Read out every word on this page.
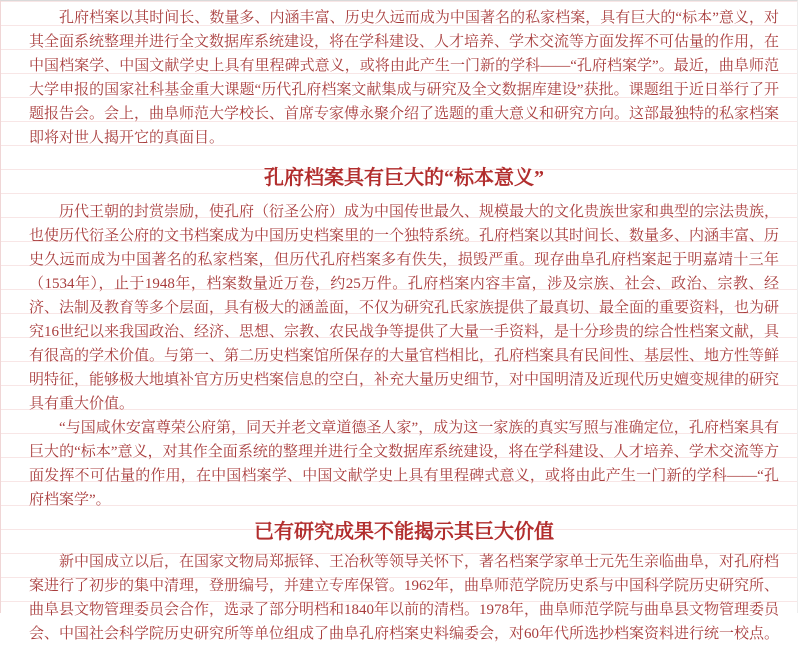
孔府档案以其时间长、数量多、内涵丰富、历史久远而成为中国著名的私家档案，具有巨大的“标本”意义，对其全面系统整理并进行全文数据库系统建设，将在学科建设、人才培养、学术交流等方面发挥不可估量的作用，在中国档案学、中国文献学史上具有里程碑式意义，或将由此产生一门新的学科——“孔府档案学”。最近，曲阜师范大学申报的国家社科基金重大课题“历代孔府档案文献集成与研究及全文数据库建设”获批。课题组于近日举行了开题报告会。会上，曲阜师范大学校长、首席专家傅永聚介绍了选题的重大意义和研究方向。这部最独特的私家档案即将对世人揭开它的真面目。

孔府档案具有巨大的“标本意义”

历代王朝的封赏崇励，使孔府（衍圣公府）成为中国传世最久、规模最大的文化贵族世家和典型的宗法贵族，也使历代衍圣公府的文书档案成为中国历史档案里的一个独特系统。孔府档案以其时间长、数量多、内涵丰富、历史久远而成为中国著名的私家档案，但历代孔府档案多有佚失，损毁严重。现存曲阜孔府档案起于明嘉靖十三年（1534年），止于1948年，档案数量近万卷，约25万件。孔府档案内容丰富，涉及宗族、社会、政治、宗教、经济、法制及教育等多个层面，具有极大的涵盖面，不仅为研究孔氏家族提供了最真切、最全面的重要资料，也为研究16世纪以来我国政治、经济、思想、宗教、农民战争等提供了大量一手资料，是十分珍贵的综合性档案文献，具有很高的学术价值。与第一、第二历史档案馆所保存的大量官档相比，孔府档案具有民间性、基层性、地方性等鲜明特征，能够极大地填补官方历史档案信息的空白，补充大量历史细节，对中国明清及近现代历史嬗变规律的研究具有重大价值。

“与国咸休安富尊荣公府第，同天并老文章道德圣人家”，成为这一家族的真实写照与准确定位，孔府档案具有巨大的“标本”意义，对其作全面系统的整理并进行全文数据库系统建设，将在学科建设、人才培养、学术交流等方面发挥不可估量的作用，在中国档案学、中国文献学史上具有里程碑式意义，或将由此产生一门新的学科——“孔府档案学”。

已有研究成果不能揭示其巨大价值

新中国成立以后，在国家文物局郑振铎、王冶秋等领导关怀下，著名档案学家单士元先生亲临曲阜，对孔府档案进行了初步的集中清理，登册编号，并建立专库保管。1962年，曲阜师范学院历史系与中国科学院历史研究所、曲阜县文物管理委员会合作，选录了部分明档和1840年以前的清档。1978年，曲阜师范学院与曲阜县文物管理委员会、中国社会科学院历史研究所等单位组成了曲阜孔府档案史料编委会，对60年代所选抄档案资料进行统一校点。
